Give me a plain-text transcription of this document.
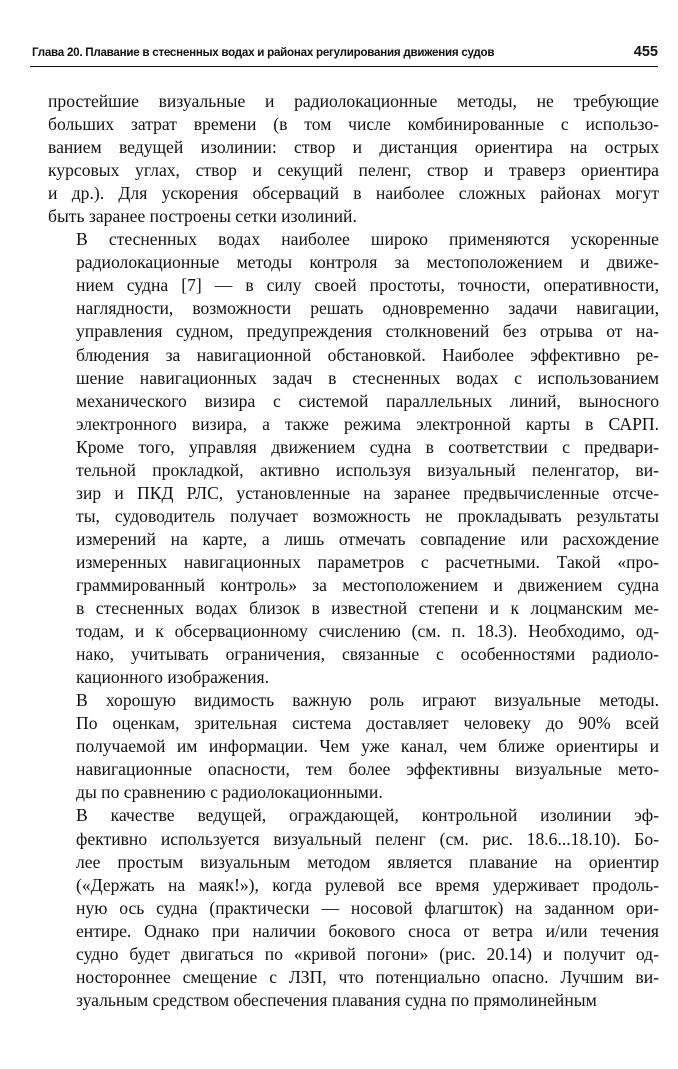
Глава 20. Плавание в стесненных водах и районах регулирования движения судов	455

простейшие визуальные и радиолокационные методы, не требующие
больших затрат времени (в том числе комбинированные с использо-
ванием ведущей изолинии: створ и дистанция ориентира на острых
курсовых углах, створ и секущий пеленг, створ и траверз ориентира
и др.). Для ускорения обсерваций в наиболее сложных районах могут
быть заранее построены сетки изолиний.

В стесненных водах наиболее широко применяются ускоренные
радиолокационные методы контроля за местоположением и движе-
нием судна [7] — в силу своей простоты, точности, оперативности,
наглядности, возможности решать одновременно задачи навигации,
управления судном, предупреждения столкновений без отрыва от на-
блюдения за навигационной обстановкой. Наиболее эффективно ре-
шение навигационных задач в стесненных водах с использованием
механического визира с системой параллельных линий, выносного
электронного визира, а также режима электронной карты в САРП.
Кроме того, управляя движением судна в соответствии с предвари-
тельной прокладкой, активно используя визуальный пеленгатор, ви-
зир и ПКД РЛС, установленные на заранее предвычисленные отсче-
ты, судоводитель получает возможность не прокладывать результаты
измерений на карте, а лишь отмечать совпадение или расхождение
измеренных навигационных параметров с расчетными. Такой «про-
граммированный контроль» за местоположением и движением судна
в стесненных водах близок в известной степени и к лоцманским ме-
тодам, и к обсервационному счислению (см. п. 18.3). Необходимо, од-
нако, учитывать ограничения, связанные с особенностями радиоло-
кационного изображения.

В хорошую видимость важную роль играют визуальные методы.
По оценкам, зрительная система доставляет человеку до 90% всей
получаемой им информации. Чем уже канал, чем ближе ориентиры и
навигационные опасности, тем более эффективны визуальные мето-
ды по сравнению с радиолокационными.

В качестве ведущей, ограждающей, контрольной изолинии эф-
фективно используется визуальный пеленг (см. рис. 18.6...18.10). Бо-
лее простым визуальным методом является плавание на ориентир
(«Держать на маяк!»), когда рулевой все время удерживает продоль-
ную ось судна (практически — носовой флагшток) на заданном ори-
ентире. Однако при наличии бокового сноса от ветра и/или течения
судно будет двигаться по «кривой погони» (рис. 20.14) и получит од-
ностороннее смещение с ЛЗП, что потенциально опасно. Лучшим ви-
зуальным средством обеспечения плавания судна по прямолинейным
